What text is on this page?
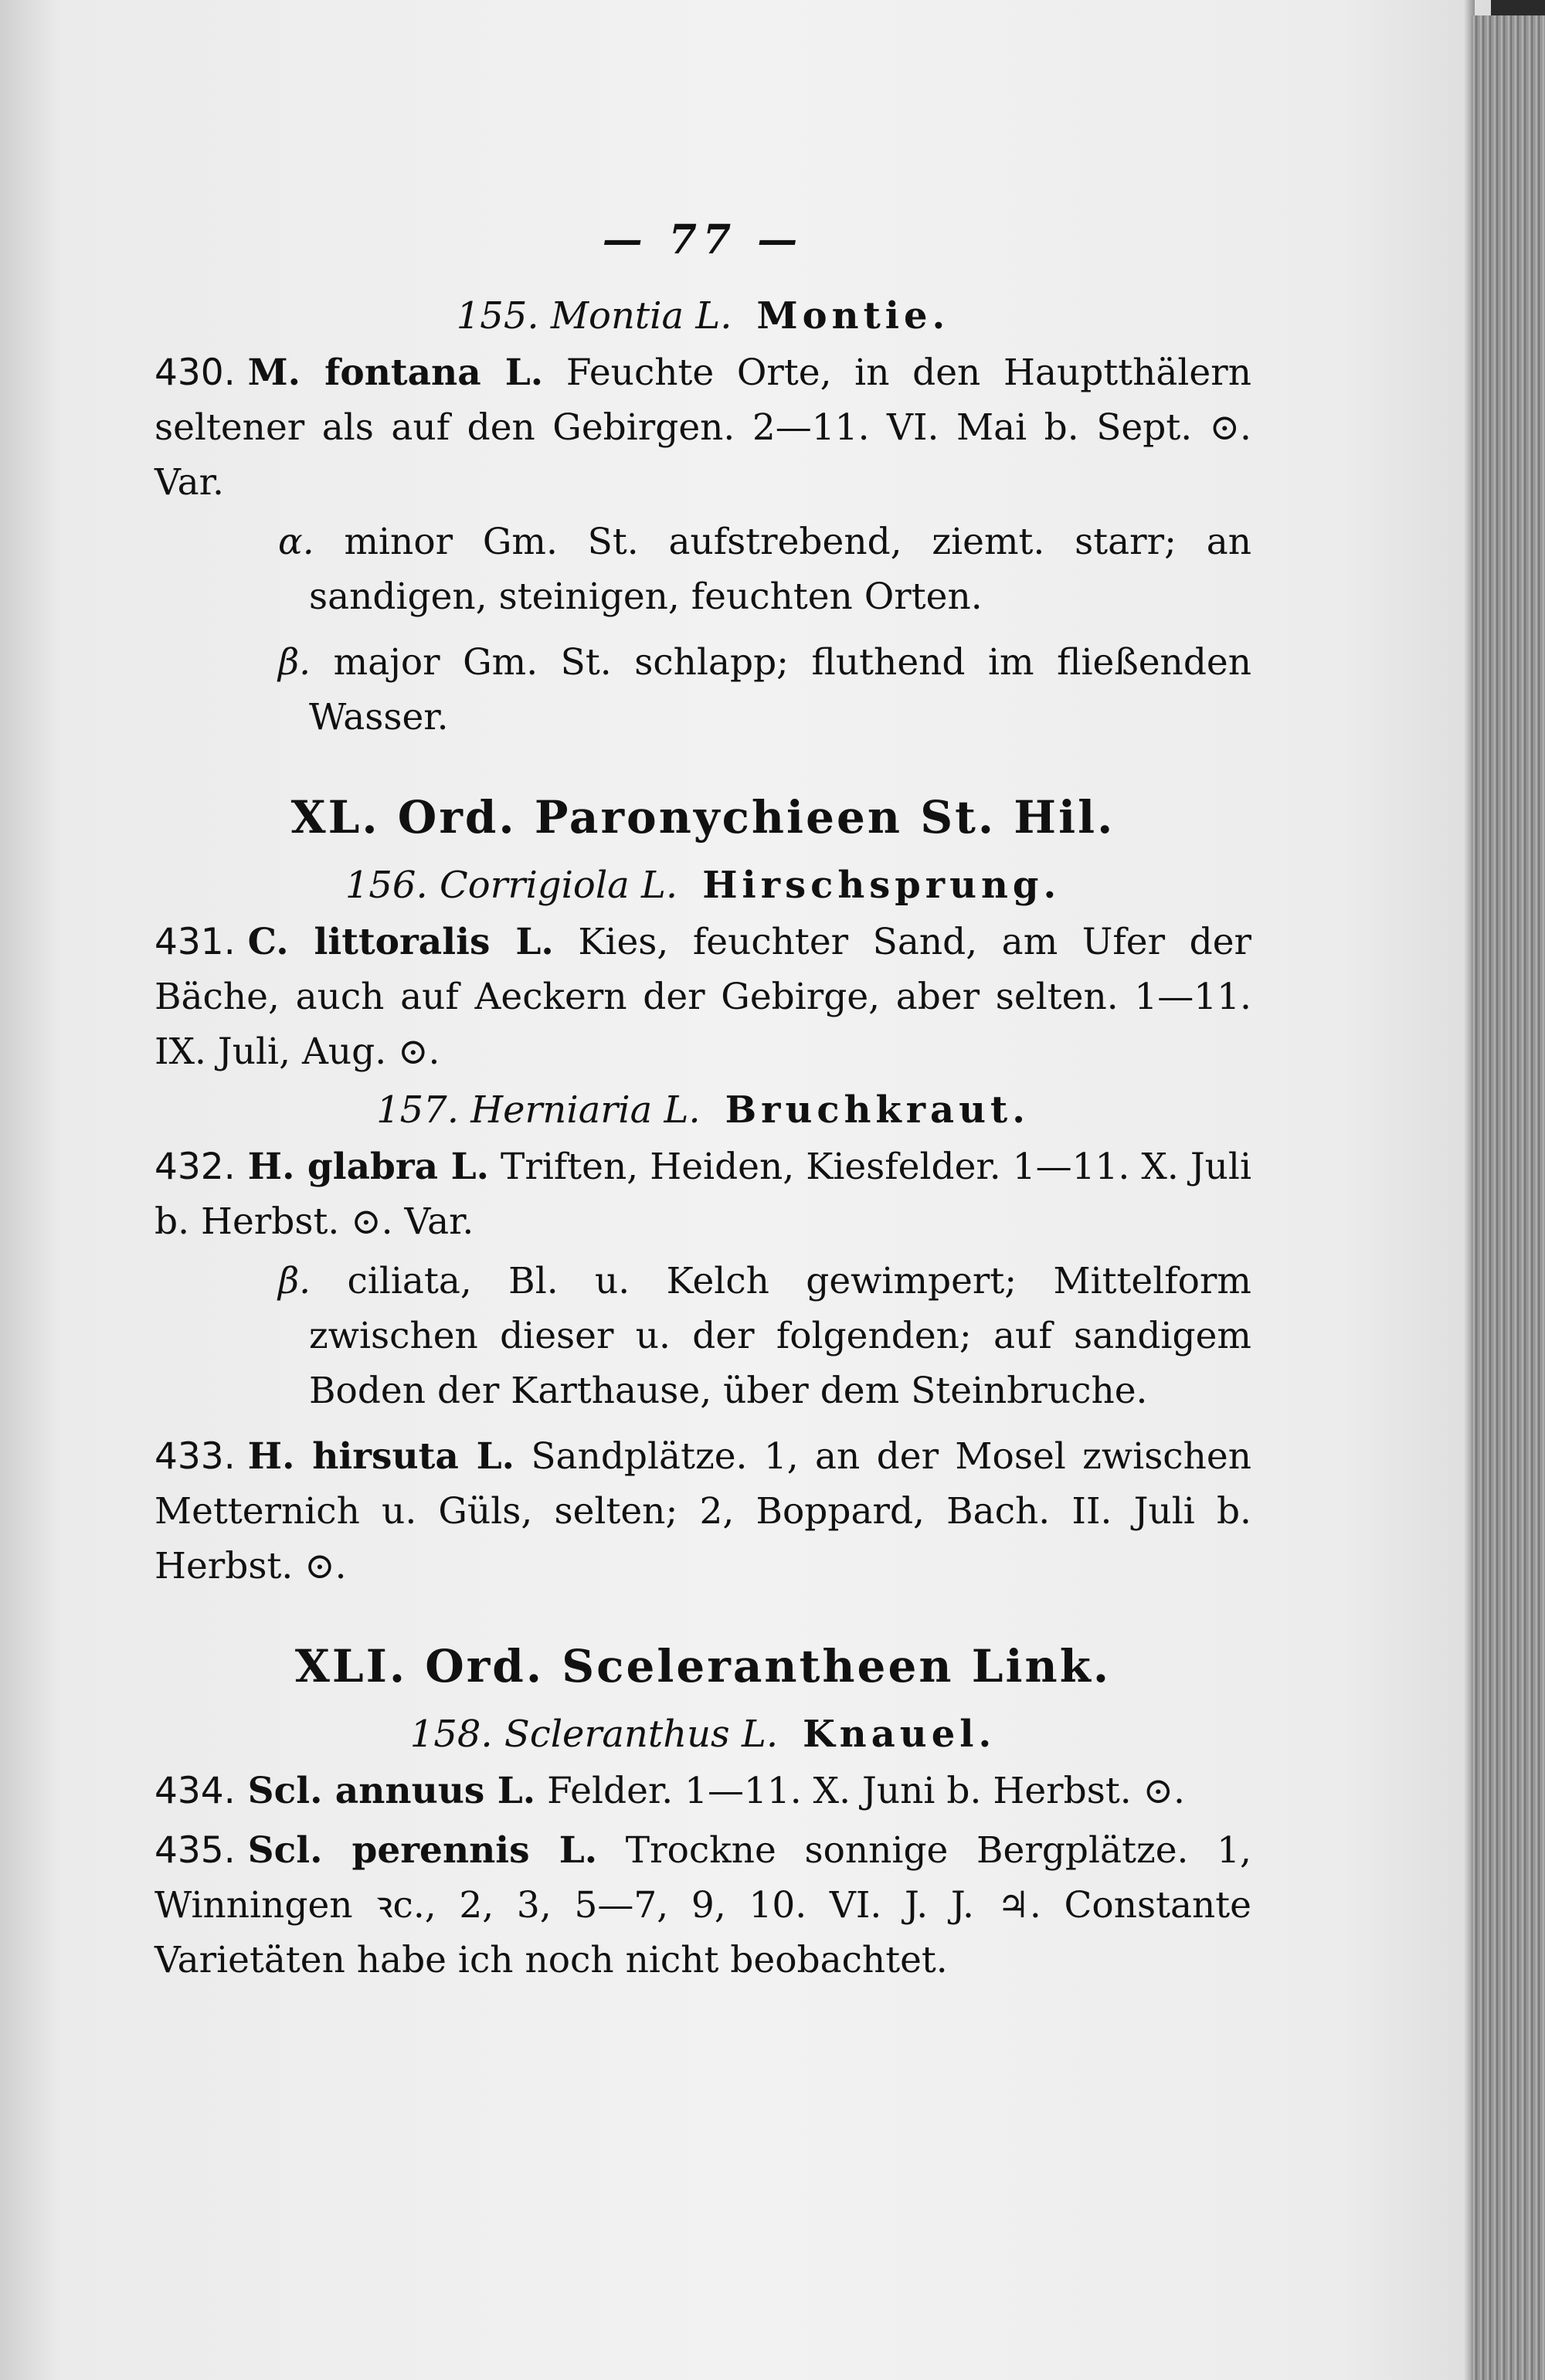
— 77 —
155. Montia L. Montie.
430. M. fontana L. Feuchte Orte, in den Hauptthälern seltener als auf den Gebirgen. 2—11. VI. Mai b. Sept. ⊙. Var.
α. minor Gm. St. aufstrebend, ziemt. starr; an sandigen, steinigen, feuchten Orten.
β. major Gm. St. schlapp; fluthend im fließenden Wasser.
XL. Ord. Paronychieen St. Hil.
156. Corrigiola L. Hirschsprung.
431. C. littoralis L. Kies, feuchter Sand, am Ufer der Bäche, auch auf Aeckern der Gebirge, aber selten. 1—11. IX. Juli, Aug. ⊙.
157. Herniaria L. Bruchkraut.
432. H. glabra L. Triften, Heiden, Kiesfelder. 1—11. X. Juli b. Herbst. ⊙. Var.
β. ciliata, Bl. u. Kelch gewimpert; Mittelform zwischen dieser u. der folgenden; auf sandigem Boden der Karthause, über dem Steinbruche.
433. H. hirsuta L. Sandplätze. 1, an der Mosel zwischen Metternich u. Güls, selten; 2, Boppard, Bach. II. Juli b. Herbst. ⊙.
XLI. Ord. Scelerantheen Link.
158. Scleranthus L. Knauel.
434. Scl. annuus L. Felder. 1—11. X. Juni b. Herbst. ⊙.
435. Scl. perennis L. Trockne sonnige Bergplätze. 1, Winningen ꝛc., 2, 3, 5—7, 9, 10. VI. J. J. ♃. Constante Varietäten habe ich noch nicht beobachtet.
